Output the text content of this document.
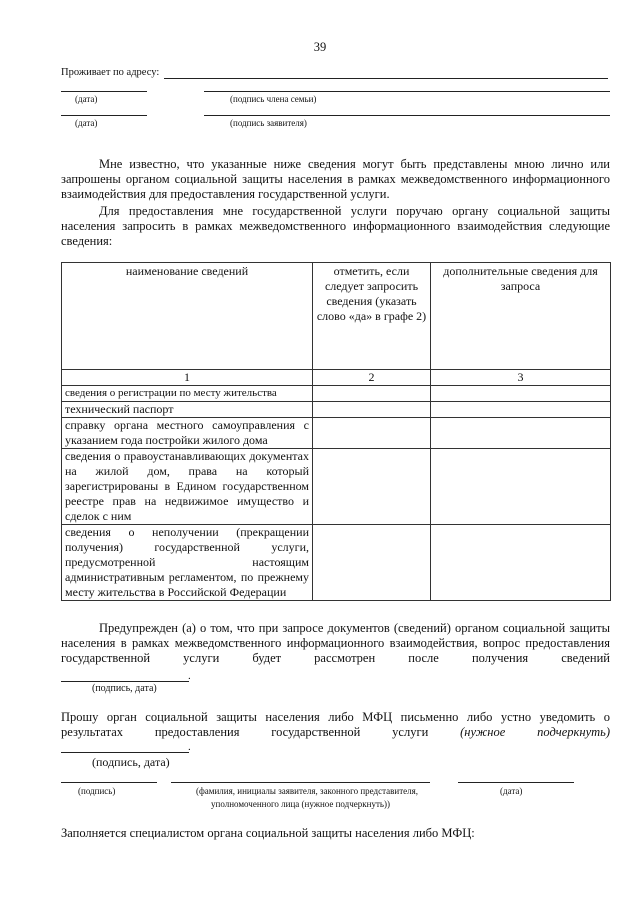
39
Проживает по адресу:
(дата)	(подпись члена семьи)
(дата)	(подпись заявителя)
Мне известно, что указанные ниже сведения могут быть представлены мною лично или запрошены органом социальной защиты населения в рамках межведомственного информационного взаимодействия для предоставления государственной услуги.
Для предоставления мне государственной услуги поручаю органу социальной защиты населения запросить в рамках межведомственного информационного взаимодействия следующие сведения:
наименование сведений	отметить, если следует запросить сведения (указать слово «да» в графе 2)	дополнительные сведения для запроса
1	2	3
сведения о регистрации по месту жительства		
технический паспорт		
справку органа местного самоуправления с указанием года постройки жилого дома		
сведения о правоустанавливающих документах на жилой дом, права на который зарегистрированы в Едином государственном реестре прав на недвижимое имущество и сделок с ним		
сведения о неполучении (прекращении получения) государственной услуги, предусмотренной настоящим административным регламентом, по прежнему месту жительства в Российской Федерации		
Предупрежден (а) о том, что при запросе документов (сведений) органом социальной защиты населения в рамках межведомственного информационного взаимодействия, вопрос предоставления государственной услуги будет рассмотрен после получения сведений
.
(подпись, дата)
Прошу орган социальной защиты населения либо МФЦ письменно либо устно уведомить о результатах предоставления государственной услуги	(нужное подчеркнуть)
.
(подпись, дата)
(подпись)	(фамилия, инициалы заявителя, законного представителя,
уполномоченного лица (нужное подчеркнуть))
(дата)
Заполняется специалистом органа социальной защиты населения либо МФЦ:
